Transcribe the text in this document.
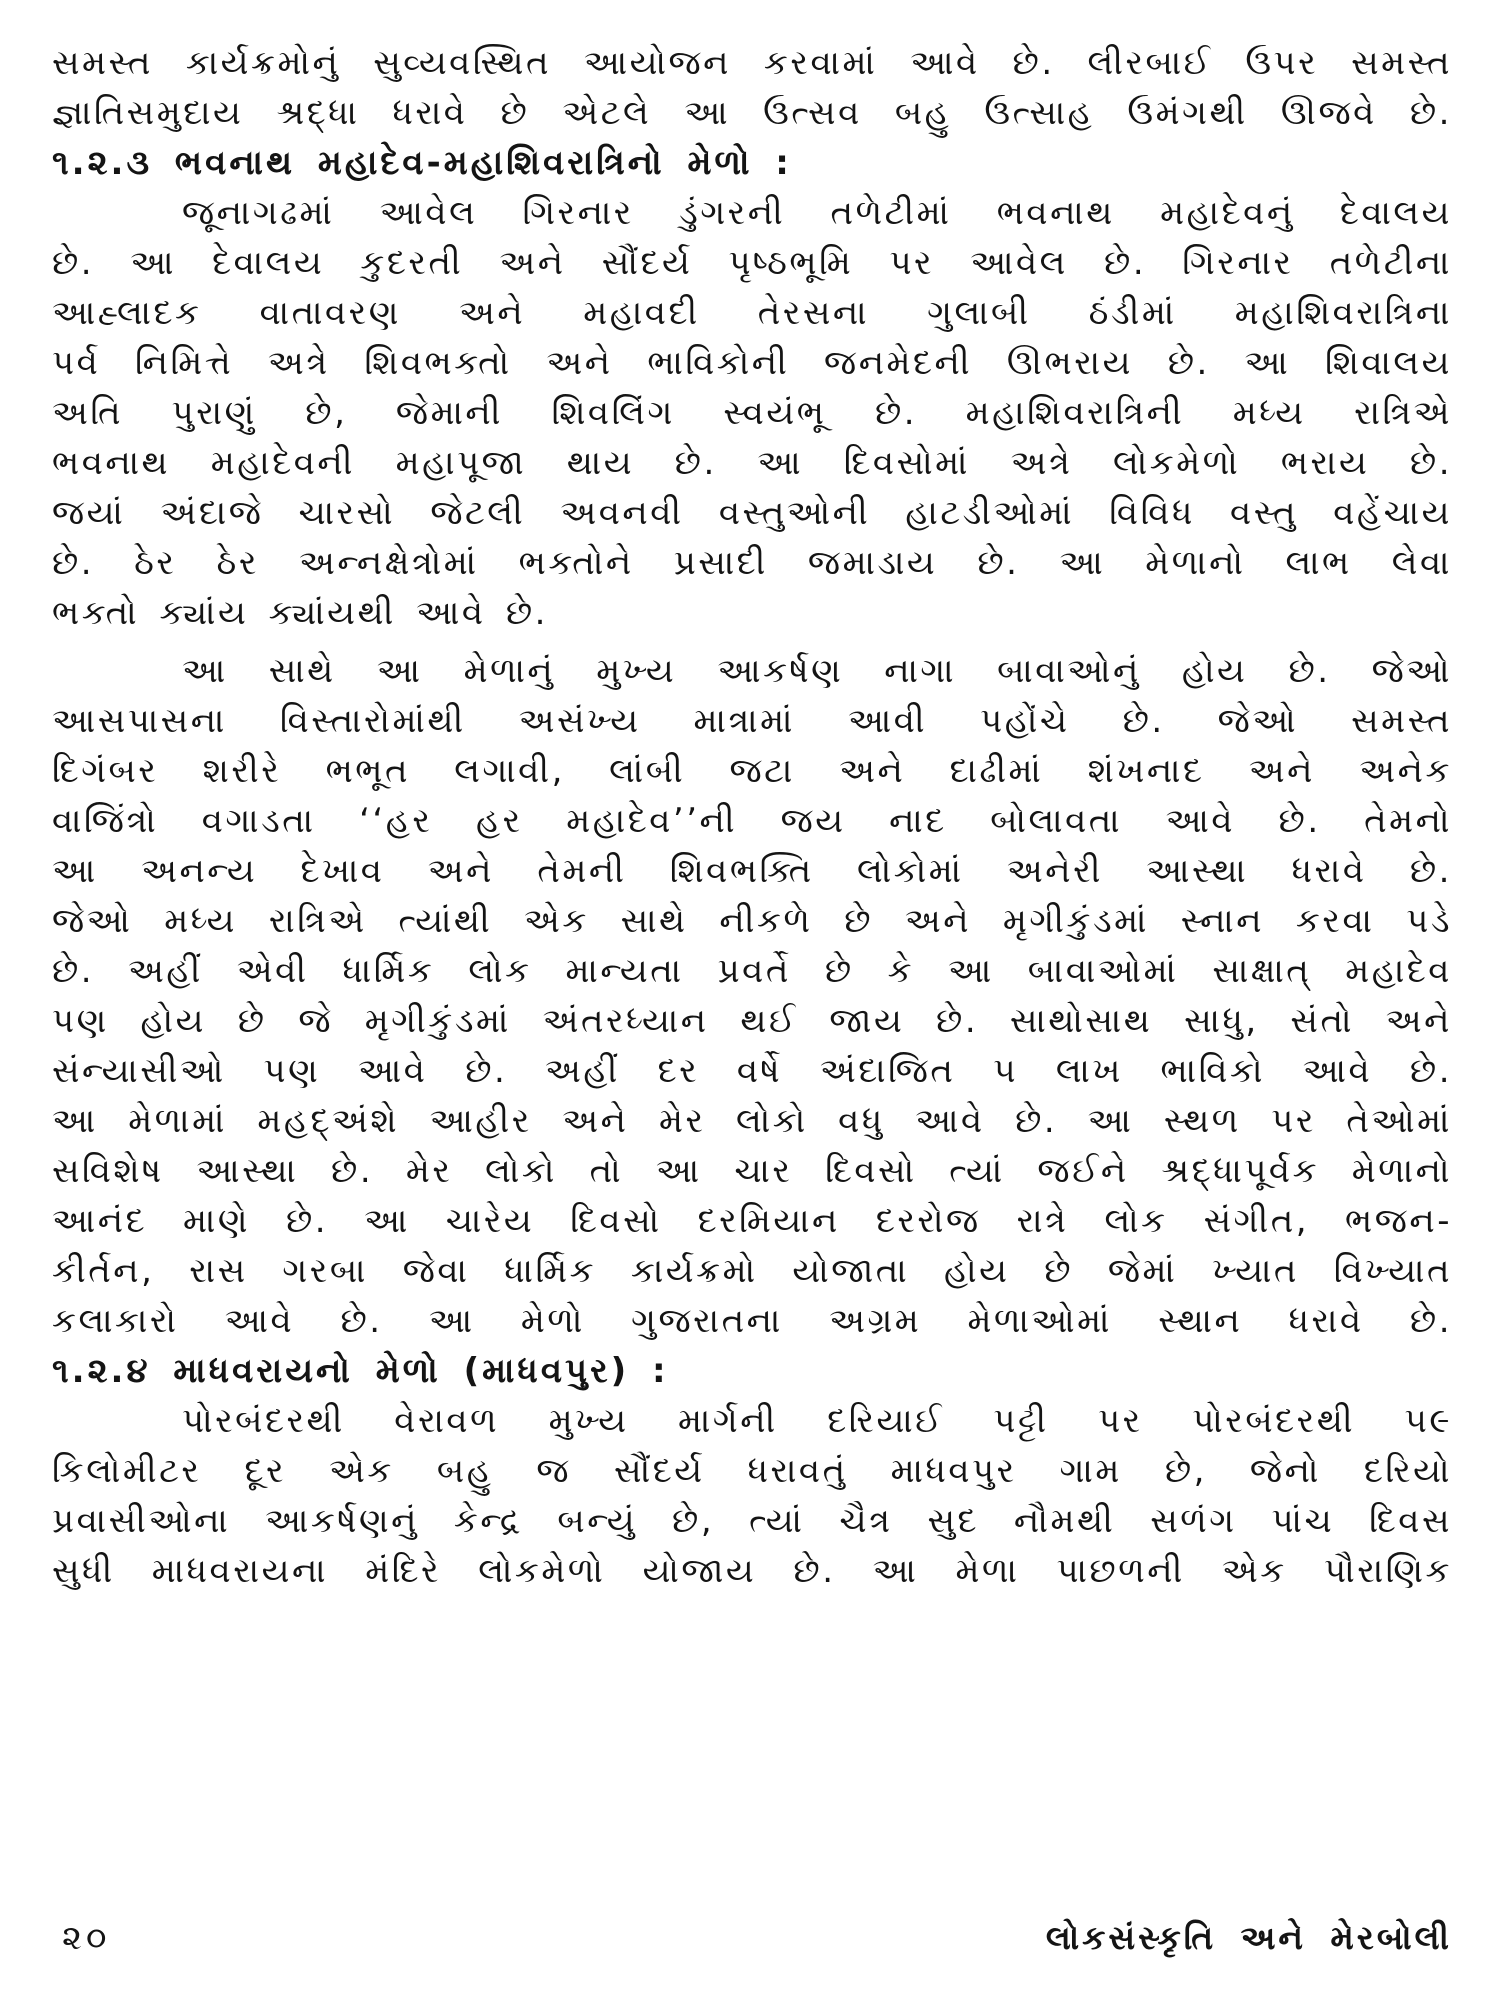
સમસ્ત કાર્યક્રમોનું સુવ્યવસ્થિત આયોજન કરવામાં આવે છે. લીરબાઈ ઉપર સમસ્ત
જ્ઞાતિસમુદાય શ્રદ્ધા ધરાવે છે એટલે આ ઉત્સવ બહુ ઉત્સાહ ઉમંગથી ઊજવે છે.
૧.૨.૩ ભવનાથ મહાદેવ-મહાશિવરાત્રિનો મેળો :
જૂનાગઢમાં આવેલ ગિરનાર ડુંગરની તળેટીમાં ભવનાથ મહાદેવનું દેવાલય
છે. આ દેવાલય કુદરતી અને સૌંદર્ય પૃષ્ઠભૂમિ પર આવેલ છે. ગિરનાર તળેટીના
આહ્લાદક વાતાવરણ અને મહાવદી તેરસના ગુલાબી ઠંડીમાં મહાશિવરાત્રિના
પર્વ નિમિત્તે અત્રે શિવભક્તો અને ભાવિકોની જનમેદની ઊભરાય છે. આ શિવાલય
અતિ પુરાણું છે, જેમાની શિવલિંગ સ્વયંભૂ છે. મહાશિવરાત્રિની મધ્ય રાત્રિએ
ભવનાથ મહાદેવની મહાપૂજા થાય છે. આ દિવસોમાં અત્રે લોકમેળો ભરાય છે.
જયાં અંદાજે ચારસો જેટલી અવનવી વસ્તુઓની હાટડીઓમાં વિવિધ વસ્તુ વહેંચાય
છે. ઠેર ઠેર અન્નક્ષેત્રોમાં ભક્તોને પ્રસાદી જમાડાય છે. આ મેળાનો લાભ લેવા
ભક્તો ક્યાંય ક્યાંયથી આવે છે.
આ સાથે આ મેળાનું મુખ્ય આકર્ષણ નાગા બાવાઓનું હોય છે. જેઓ
આસપાસના વિસ્તારોમાંથી અસંખ્ય માત્રામાં આવી પહોંચે છે. જેઓ સમસ્ત
દિગંબર શરીરે ભભૂત લગાવી, લાંબી જટા અને દાઢીમાં શંખનાદ અને અનેક
વાજિંત્રો વગાડતા ‘‘હર હર મહાદેવ’’ની જય નાદ બોલાવતા આવે છે. તેમનો
આ અનન્ય દેખાવ અને તેમની શિવભક્તિ લોકોમાં અનેરી આસ્થા ધરાવે છે.
જેઓ મધ્ય રાત્રિએ ત્યાંથી એક સાથે નીકળે છે અને મૃગીકુંડમાં સ્નાન કરવા પડે
છે. અહીં એવી ધાર્મિક લોક માન્યતા પ્રવર્તે છે કે આ બાવાઓમાં સાક્ષાત્ મહાદેવ
પણ હોય છે જે મૃગીકુંડમાં અંતરધ્યાન થઈ જાય છે. સાથોસાથ સાધુ, સંતો અને
સંન્યાસીઓ પણ આવે છે. અહીં દર વર્ષે અંદાજિત ૫ લાખ ભાવિકો આવે છે.
આ મેળામાં મહદ્અંશે આહીર અને મેર લોકો વધુ આવે છે. આ સ્થળ પર તેઓમાં
સવિશેષ આસ્થા છે. મેર લોકો તો આ ચાર દિવસો ત્યાં જઈને શ્રદ્ધાપૂર્વક મેળાનો
આનંદ માણે છે. આ ચારેય દિવસો દરમિયાન દરરોજ રાત્રે લોક સંગીત, ભજન-
કીર્તન, રાસ ગરબા જેવા ધાર્મિક કાર્યક્રમો યોજાતા હોય છે જેમાં ખ્યાત વિખ્યાત
કલાકારો આવે છે. આ મેળો ગુજરાતના અગ્રમ મેળાઓમાં સ્થાન ધરાવે છે.
૧.૨.૪ માધવરાયનો મેળો (માધવપુર) :
પોરબંદરથી વેરાવળ મુખ્ય માર્ગની દરિયાઈ પટ્ટી પર પોરબંદરથી ૫૯
કિલોમીટર દૂર એક બહુ જ સૌંદર્ય ધરાવતું માધવપુર ગામ છે, જેનો દરિયો
પ્રવાસીઓના આકર્ષણનું કેન્દ્ર બન્યું છે, ત્યાં ચૈત્ર સુદ નૌમથી સળંગ પાંચ દિવસ
સુધી માધવરાયના મંદિરે લોકમેળો યોજાય છે. આ મેળા પાછળની એક પૌરાણિક
૨૦	લોકસંસ્કૃતિ અને મેરબોલી
